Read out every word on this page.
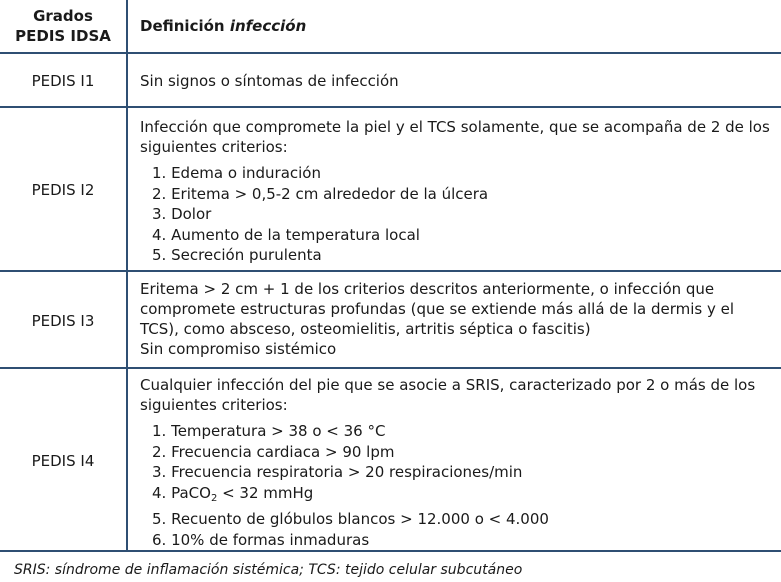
Grados
PEDIS IDSA
Definición infección
PEDIS I1	Sin signos o síntomas de infección

PEDIS I2

Infección que compromete la piel y el TCS solamente, que se acompaña de 2 de los siguientes criterios:

1. Edema o induración
2. Eritema > 0,5-2 cm alrededor de la úlcera
3. Dolor
4. Aumento de la temperatura local
5. Secreción purulenta
PEDIS I3

Eritema > 2 cm + 1 de los criterios descritos anteriormente, o infección que compromete estructuras profundas (que se extiende más allá de la dermis y el TCS), como absceso, osteomielitis, artritis séptica o fascitis)

Sin compromiso sistémico

PEDIS I4

Cualquier infección del pie que se asocie a SRIS, caracterizado por 2 o más de los siguientes criterios:

1. Temperatura > 38 o < 36 °C
2. Frecuencia cardiaca > 90 lpm
3. Frecuencia respiratoria > 20 respiraciones/min
4. PaCO$_2$ < 32 mmHg
5. Recuento de glóbulos blancos > 12.000 o < 4.000
6. 10% de formas inmaduras
SRIS: síndrome de inflamación sistémica; TCS: tejido celular subcutáneo
